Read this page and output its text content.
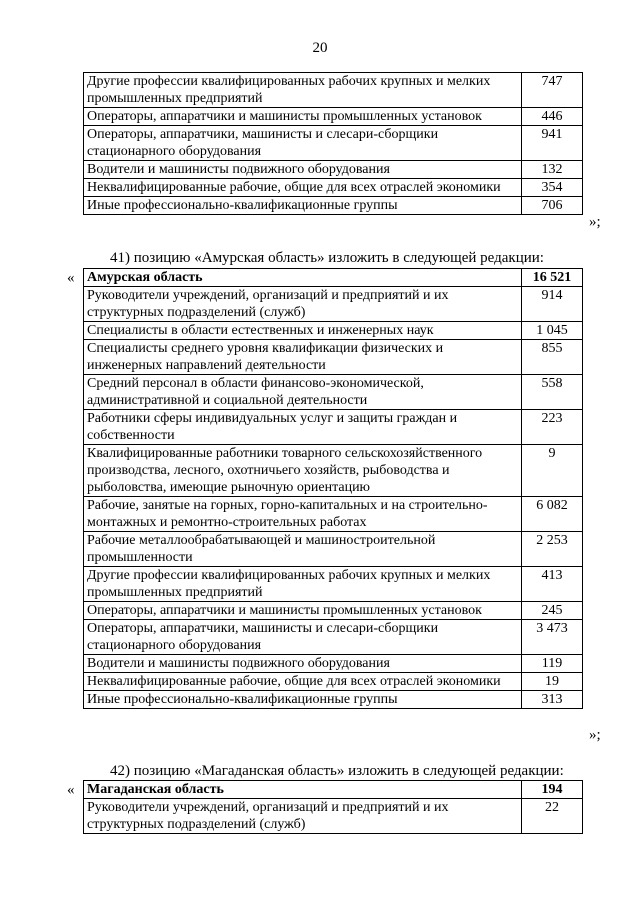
20
Другие профессии квалифицированных рабочих крупных и мелких промышленных предприятий	747
Операторы, аппаратчики и машинисты промышленных установок	446
Операторы, аппаратчики, машинисты и слесари-сборщики стационарного оборудования	941
Водители и машинисты подвижного оборудования	132
Неквалифицированные рабочие, общие для всех отраслей экономики	354
Иные профессионально-квалификационные группы	706
»;
41) позицию «Амурская область» изложить в следующей редакции:
« Амурская область	16 521
Руководители учреждений, организаций и предприятий и их структурных подразделений (служб)	914
Специалисты в области естественных и инженерных наук	1 045
Специалисты среднего уровня квалификации физических и инженерных направлений деятельности	855
Средний персонал в области финансово-экономической, административной и социальной деятельности	558
Работники сферы индивидуальных услуг и защиты граждан и собственности	223
Квалифицированные работники товарного сельскохозяйственного производства, лесного, охотничьего хозяйств, рыбоводства и рыболовства, имеющие рыночную ориентацию	9
Рабочие, занятые на горных, горно-капитальных и на строительно-монтажных и ремонтно-строительных работах	6 082
Рабочие металлообрабатывающей и машиностроительной промышленности	2 253
Другие профессии квалифицированных рабочих крупных и мелких промышленных предприятий	413
Операторы, аппаратчики и машинисты промышленных установок	245
Операторы, аппаратчики, машинисты и слесари-сборщики стационарного оборудования	3 473
Водители и машинисты подвижного оборудования	119
Неквалифицированные рабочие, общие для всех отраслей экономики	19
Иные профессионально-квалификационные группы	313
»;
42) позицию «Магаданская область» изложить в следующей редакции:
« Магаданская область	194
Руководители учреждений, организаций и предприятий и их структурных подразделений (служб)	22
